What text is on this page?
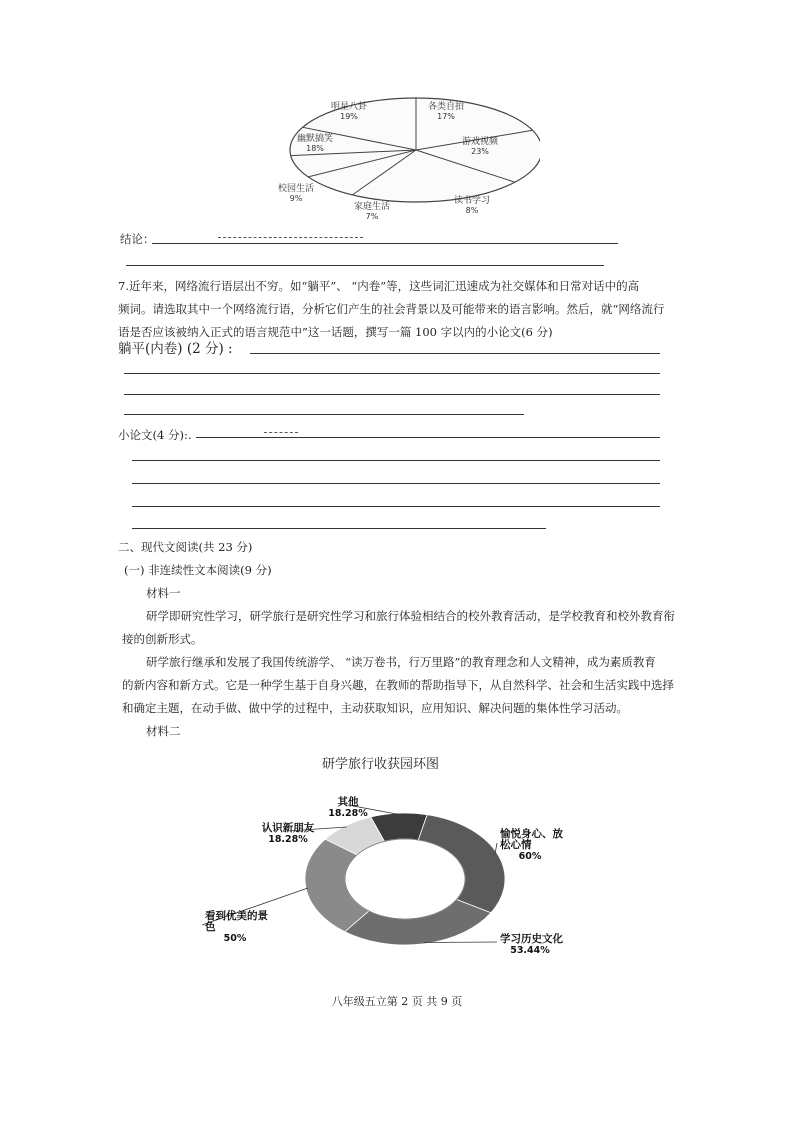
明星八卦
19%
各类自拍
17%
游戏视频
23%
读书学习
8%
家庭生活
7%
校园生活
9%
幽默搞笑
18%
结论：
7.近年来，网络流行语层出不穷。如“躺平”、 “内卷”等，这些词汇迅速成为社交媒体和日常对话中的高
频词。请选取其中一个网络流行语，分析它们产生的社会背景以及可能带来的语言影响。然后，就“网络流行
语是否应该被纳入正式的语言规范中”这一话题，撰写一篇 100 字以内的小论文(6 分)
躺平(内卷) (2 分) :
小论文(4 分):.
二、现代文阅读(共 23 分)
(一) 非连续性文本阅读(9 分)
材料一
研学即研究性学习，研学旅行是研究性学习和旅行体验相结合的校外教育活动，是学校教育和校外教育衔
接的创新形式。
研学旅行继承和发展了我国传统游学、 “读万卷书，行万里路”的教育理念和人文精神，成为素质教育
的新内容和新方式。它是一种学生基于自身兴趣，在教师的帮助指导下，从自然科学、社会和生活实践中选择
和确定主题，在动手做、做中学的过程中，主动获取知识，应用知识、解决问题的集体性学习活动。
材料二
研学旅行收获园环图
其他
18.28%
愉悦身心、放
松心情
60%
学习历史文化
53.44%
看到优美的景
色
50%
认识新朋友
18.28%
八年级五立第 2 页 共 9 页
